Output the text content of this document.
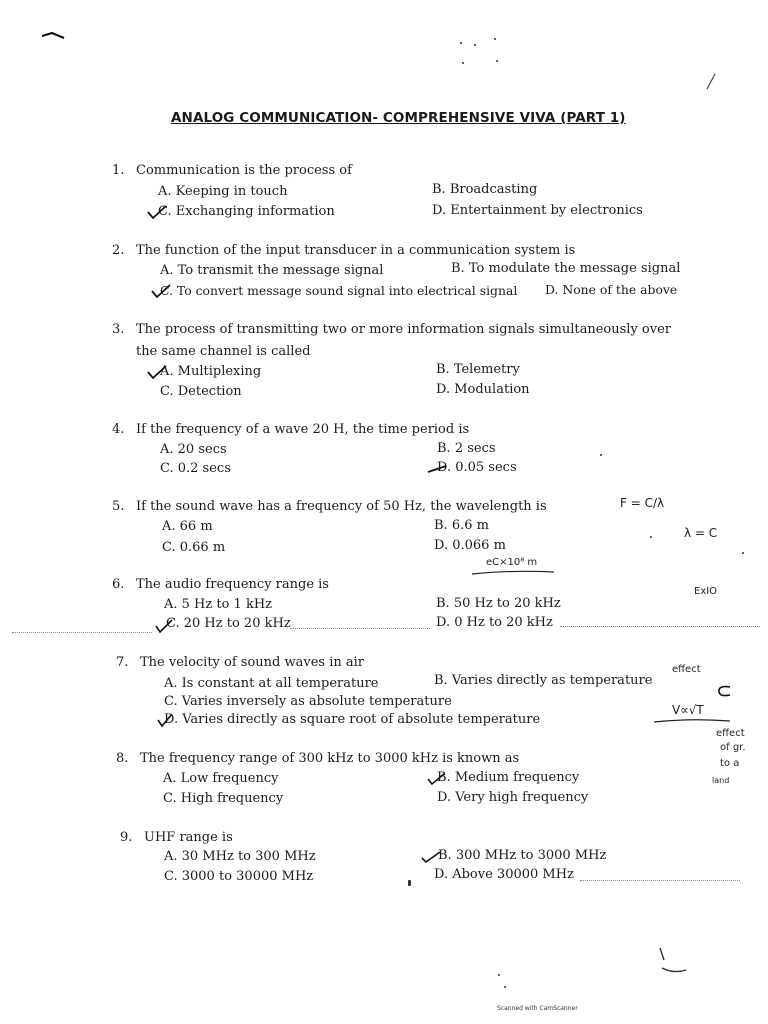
ANALOG COMMUNICATION- COMPREHENSIVE VIVA (PART 1)
1. Communication is the process of
A. Keeping in touch	B. Broadcasting
C. Exchanging information	D. Entertainment by electronics
2. The function of the input transducer in a communication system is
A. To transmit the message signal	B. To modulate the message signal
C. To convert message sound signal into electrical signal D. None of the above
3. The process of transmitting two or more information signals simultaneously over
the same channel is called
A. Multiplexing	B. Telemetry
C. Detection	D. Modulation
4. If the frequency of a wave 20 H, the time period is
A. 20 secs	B. 2 secs
C. 0.2 secs	D. 0.05 secs
5. If the sound wave has a frequency of 50 Hz, the wavelength is
A. 66 m	B. 6.6 m
C. 0.66 m	D. 0.066 m
F = C/λ
λ = C
eC×10⁸ m
6. The audio frequency range is
A. 5 Hz to 1 kHz	B. 50 Hz to 20 kHz
C. 20 Hz to 20 kHz	D. 0 Hz to 20 kHz
ExIO
7. The velocity of sound waves in air
A. Is constant at all temperature	B. Varies directly as temperature
C. Varies inversely as absolute temperature
D. Varies directly as square root of absolute temperature
effect
V∝√T
effect
of gr.
to a
land
8. The frequency range of 300 kHz to 3000 kHz is known as
A. Low frequency	B. Medium frequency
C. High frequency	D. Very high frequency
9. UHF range is
A. 30 MHz to 300 MHz	B. 300 MHz to 3000 MHz
C. 3000 to 30000 MHz	D. Above 30000 MHz
Scanned with CamScanner
